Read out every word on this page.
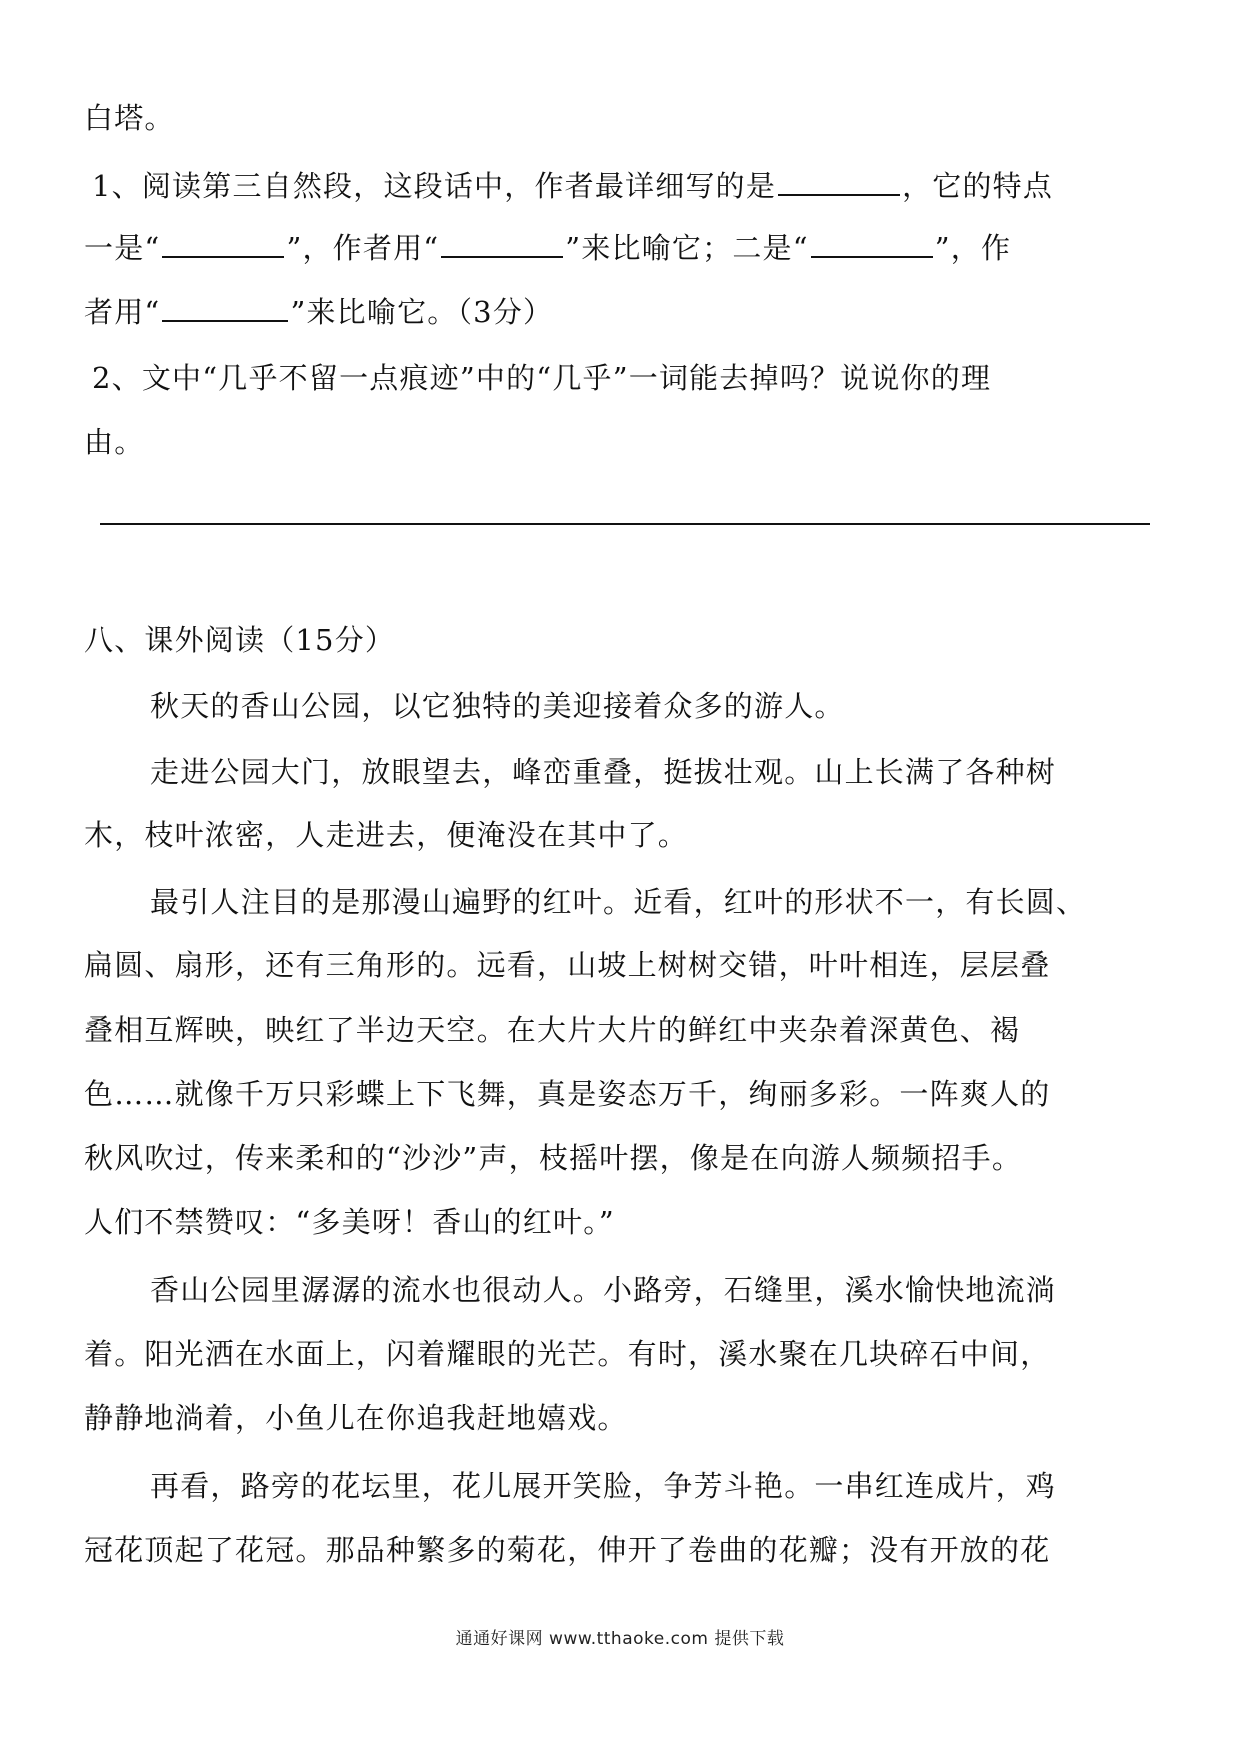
白塔。
1、阅读第三自然段，这段话中，作者最详细写的是	，它的特点
一是“	”，作者用“	”来比喻它；二是“	”，作
者用“	”来比喻它。（3分）
2、文中“几乎不留一点痕迹”中的“几乎”一词能去掉吗？说说你的理
由。
八、课外阅读（15分）
秋天的香山公园，以它独特的美迎接着众多的游人。
走进公园大门，放眼望去，峰峦重叠，挺拔壮观。山上长满了各种树
木，枝叶浓密，人走进去，便淹没在其中了。
最引人注目的是那漫山遍野的红叶。近看，红叶的形状不一，有长圆、
扁圆、扇形，还有三角形的。远看，山坡上树树交错，叶叶相连，层层叠
叠相互辉映，映红了半边天空。在大片大片的鲜红中夹杂着深黄色、褐
色……就像千万只彩蝶上下飞舞，真是姿态万千，绚丽多彩。一阵爽人的
秋风吹过，传来柔和的“沙沙”声，枝摇叶摆，像是在向游人频频招手。
人们不禁赞叹：“多美呀！香山的红叶。”
香山公园里潺潺的流水也很动人。小路旁，石缝里，溪水愉快地流淌
着。阳光洒在水面上，闪着耀眼的光芒。有时，溪水聚在几块碎石中间，
静静地淌着，小鱼儿在你追我赶地嬉戏。
再看，路旁的花坛里，花儿展开笑脸，争芳斗艳。一串红连成片，鸡
冠花顶起了花冠。那品种繁多的菊花，伸开了卷曲的花瓣；没有开放的花
通通好课网 www.tthaoke.com 提供下载
